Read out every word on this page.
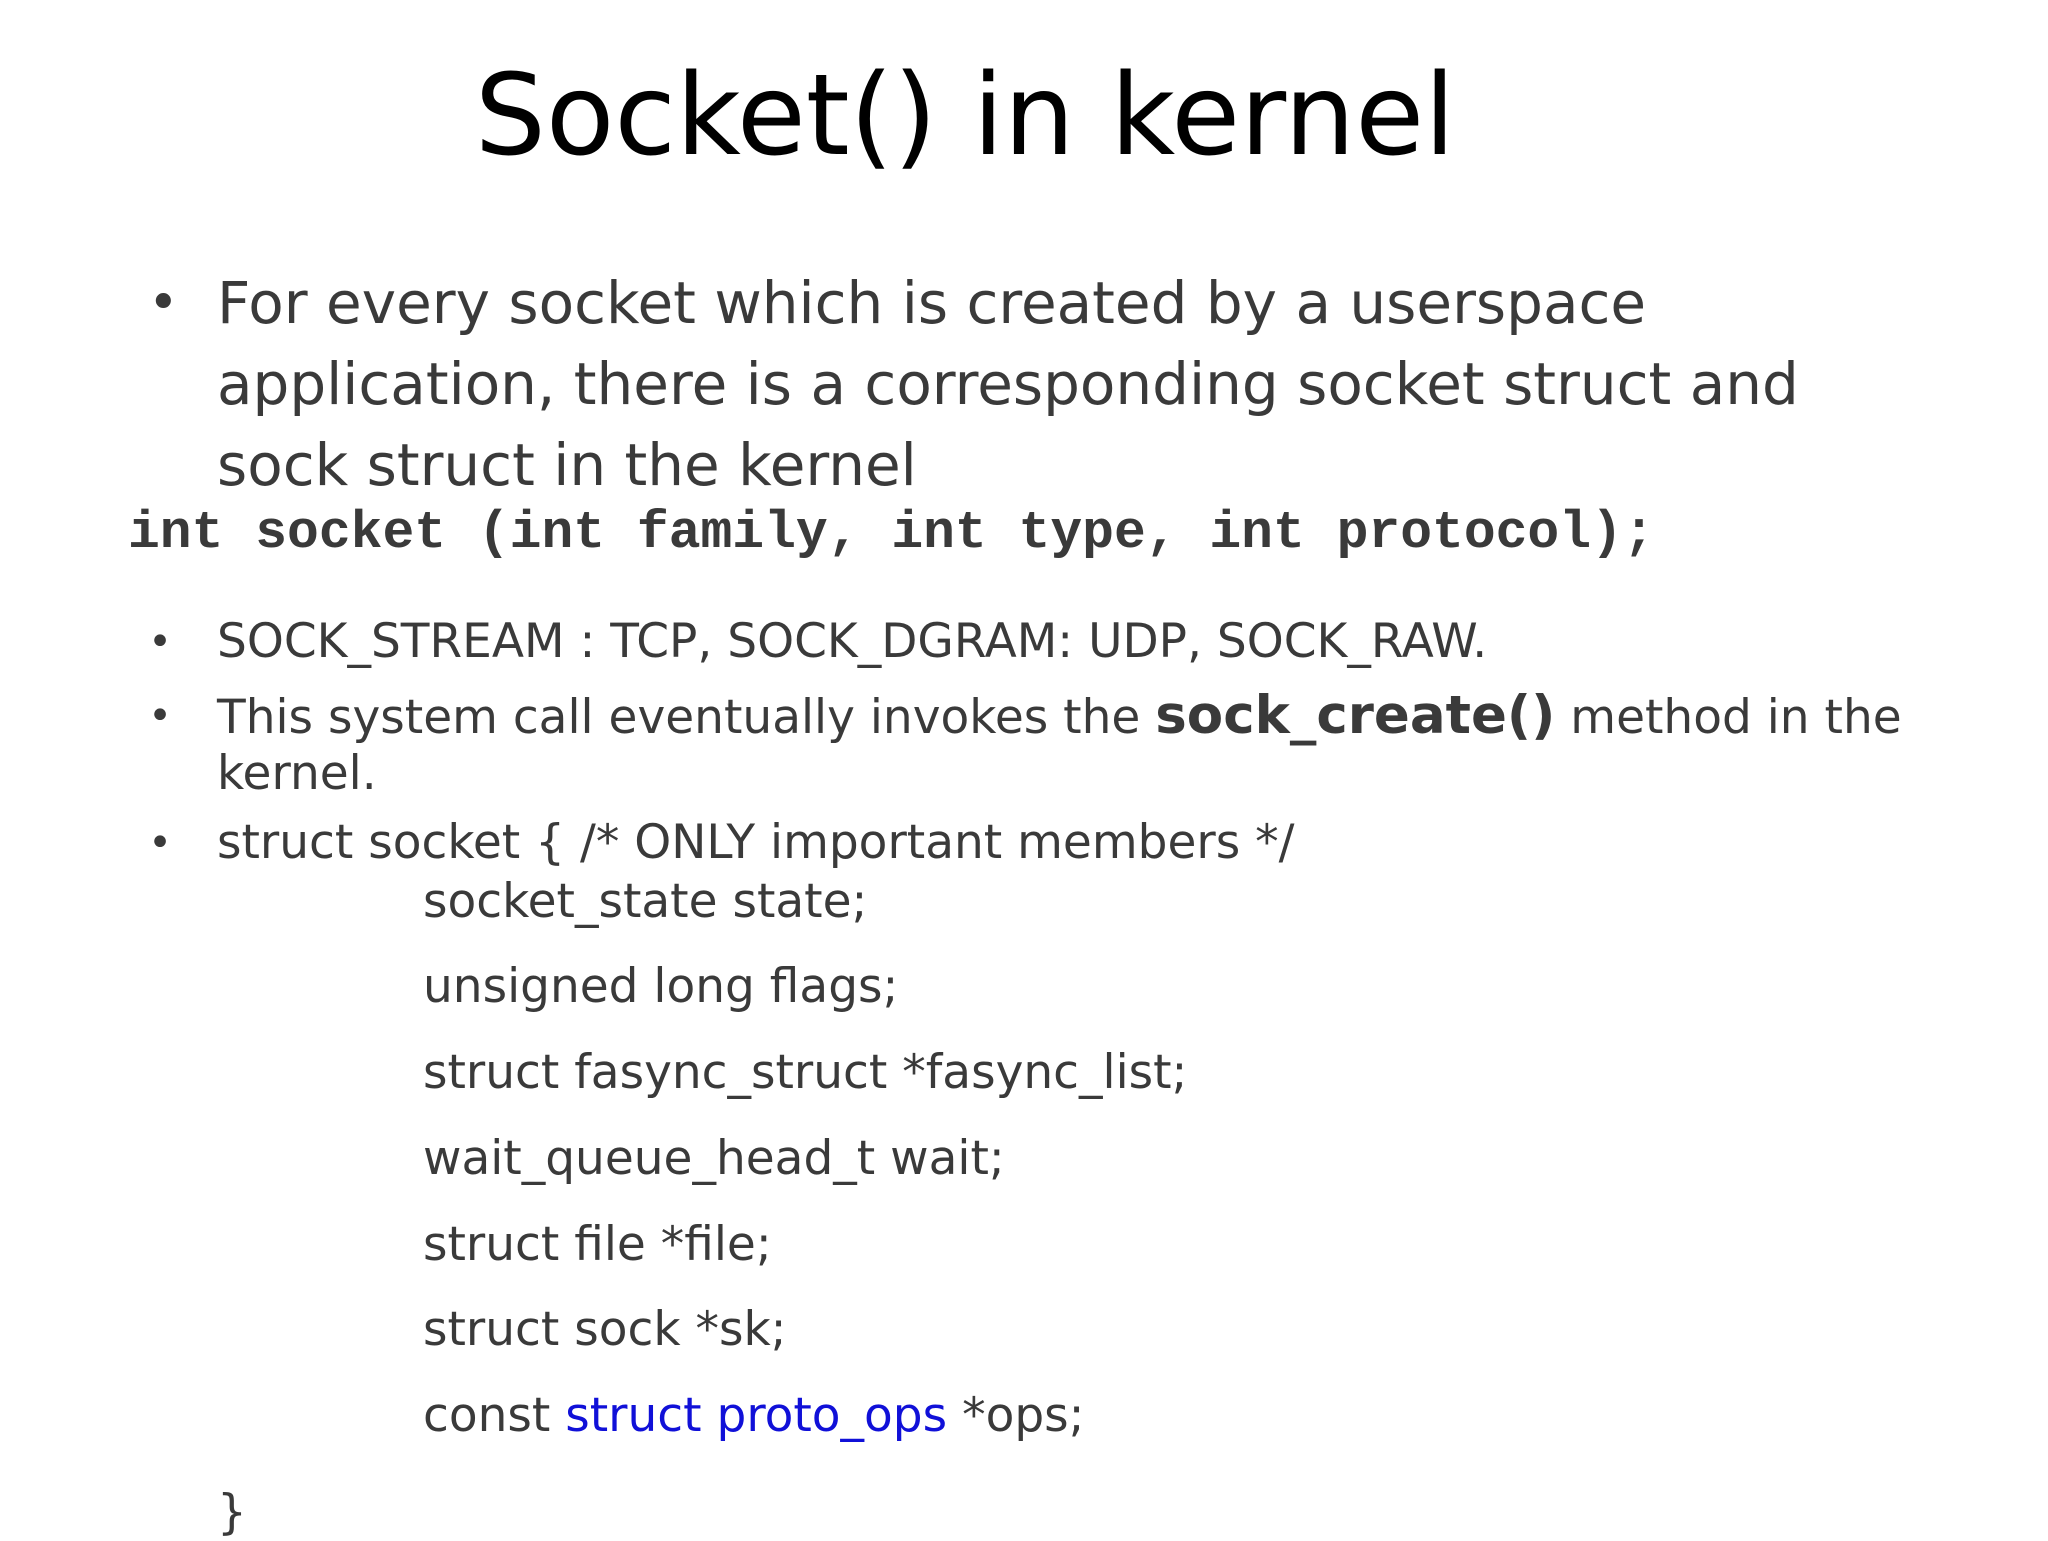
Socket() in kernel
• For every socket which is created by a userspace application, there is a corresponding socket struct and sock struct in the kernel
int socket (int family, int type, int protocol);
• SOCK_STREAM : TCP, SOCK_DGRAM: UDP, SOCK_RAW.
• This system call eventually invokes the sock_create() method in the kernel.
• struct socket { /* ONLY important members */
socket_state state;
unsigned long flags;
struct fasync_struct *fasync_list;
wait_queue_head_t wait;
struct file *file;
struct sock *sk;
const struct proto_ops *ops;
}
